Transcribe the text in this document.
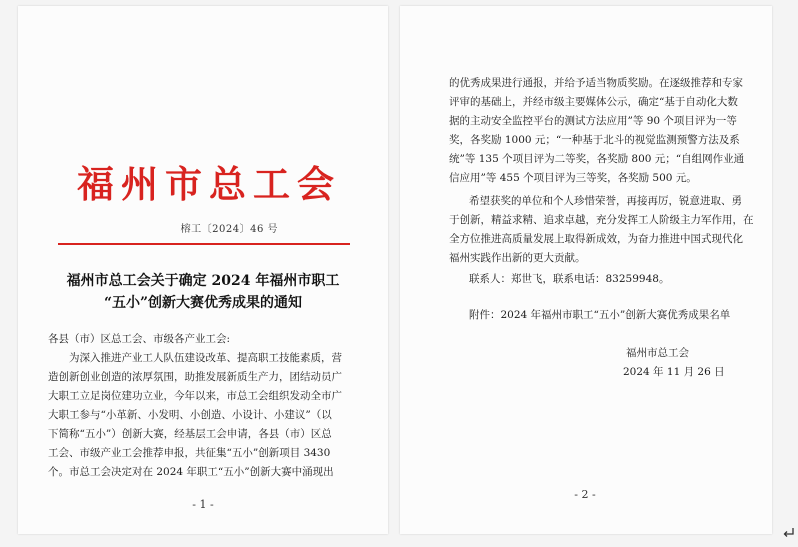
福州市总工会
榕工〔2024〕46 号
福州市总工会关于确定 2024 年福州市职工
“五小”创新大赛优秀成果的通知
各县（市）区总工会、市级各产业工会:
为深入推进产业工人队伍建设改革、提高职工技能素质，营
造创新创业创造的浓厚氛围，助推发展新质生产力，团结动员广
大职工立足岗位建功立业，今年以来，市总工会组织发动全市广
大职工参与“小革新、小发明、小创造、小设计、小建议”（以
下简称“五小”）创新大赛，经基层工会申请，各县（市）区总
工会、市级产业工会推荐申报，共征集“五小”创新项目 3430
个。市总工会决定对在 2024 年职工“五小”创新大赛中涌现出
- 1 -
的优秀成果进行通报，并给予适当物质奖励。在逐级推荐和专家
评审的基础上，并经市级主要媒体公示，确定“基于自动化大数
据的主动安全监控平台的测试方法应用”等 90 个项目评为一等
奖，各奖励 1000 元；“一种基于北斗的视觉监测预警方法及系
统”等 135 个项目评为二等奖，各奖励 800 元；“自组网作业通
信应用”等 455 个项目评为三等奖，各奖励 500 元。
希望获奖的单位和个人珍惜荣誉，再接再厉，锐意进取、勇
于创新，精益求精、追求卓越，充分发挥工人阶级主力军作用，在
全方位推进高质量发展上取得新成效，为奋力推进中国式现代化
福州实践作出新的更大贡献。
联系人：郑世飞，联系电话：83259948。
附件：2024 年福州市职工“五小”创新大赛优秀成果名单
福州市总工会
2024 年 11 月 26 日
- 2 -
